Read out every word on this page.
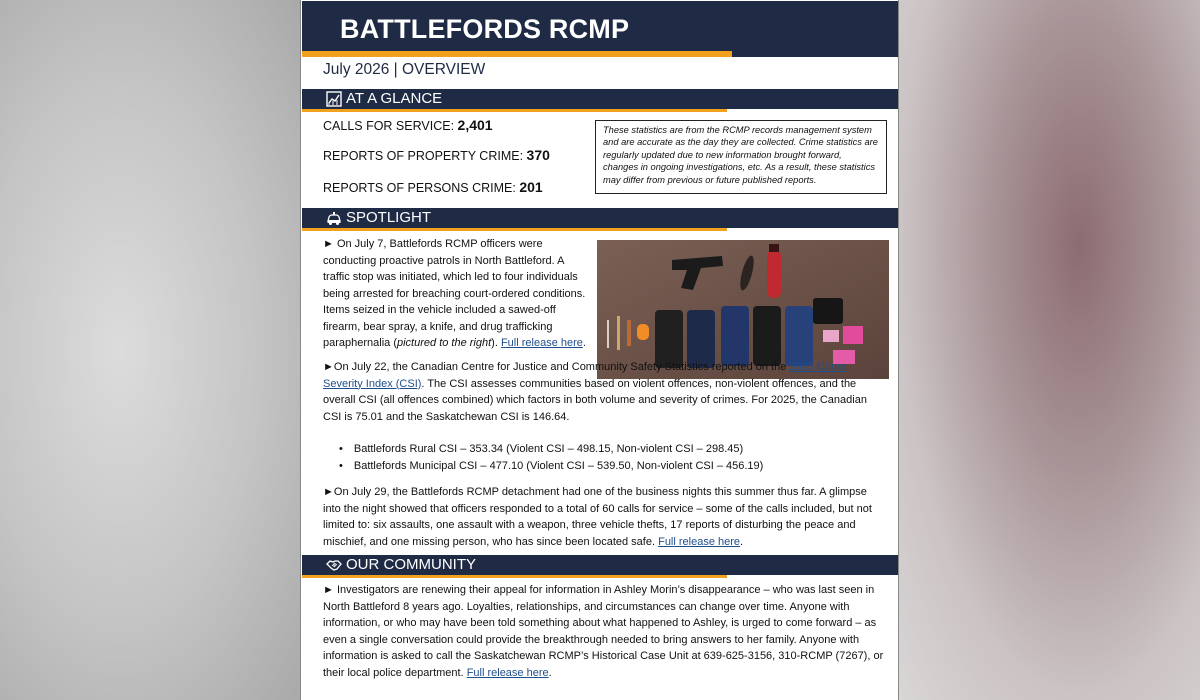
BATTLEFORDS RCMP
July 2026 | OVERVIEW
AT A GLANCE
CALLS FOR SERVICE: 2,401
REPORTS OF PROPERTY CRIME: 370
REPORTS OF PERSONS CRIME: 201
These statistics are from the RCMP records management system and are accurate as the day they are collected. Crime statistics are regularly updated due to new information brought forward, changes in ongoing investigations, etc. As a result, these statistics may differ from previous or future published reports.
SPOTLIGHT
► On July 7, Battlefords RCMP officers were conducting proactive patrols in North Battleford. A traffic stop was initiated, which led to four individuals being arrested for breaching court-ordered conditions. Items seized in the vehicle included a sawed-off firearm, bear spray, a knife, and drug trafficking paraphernalia (pictured to the right). Full release here.
►On July 22, the Canadian Centre for Justice and Community Safety Statistics reported on the 2025 Crime Severity Index (CSI). The CSI assesses communities based on violent offences, non-violent offences, and the overall CSI (all offences combined) which factors in both volume and severity of crimes. For 2025, the Canadian CSI is 75.01 and the Saskatchewan CSI is 146.64.
• Battlefords Rural CSI – 353.34 (Violent CSI – 498.15, Non-violent CSI – 298.45)
• Battlefords Municipal CSI – 477.10 (Violent CSI – 539.50, Non-violent CSI – 456.19)
►On July 29, the Battlefords RCMP detachment had one of the business nights this summer thus far. A glimpse into the night showed that officers responded to a total of 60 calls for service – some of the calls included, but not limited to: six assaults, one assault with a weapon, three vehicle thefts, 17 reports of disturbing the peace and mischief, and one missing person, who has since been located safe. Full release here.
OUR COMMUNITY
► Investigators are renewing their appeal for information in Ashley Morin’s disappearance – who was last seen in North Battleford 8 years ago. Loyalties, relationships, and circumstances can change over time. Anyone with information, or who may have been told something about what happened to Ashley, is urged to come forward – as even a single conversation could provide the breakthrough needed to bring answers to her family. Anyone with information is asked to call the Saskatchewan RCMP’s Historical Case Unit at 639-625-3156, 310-RCMP (7267), or their local police department. Full release here.
